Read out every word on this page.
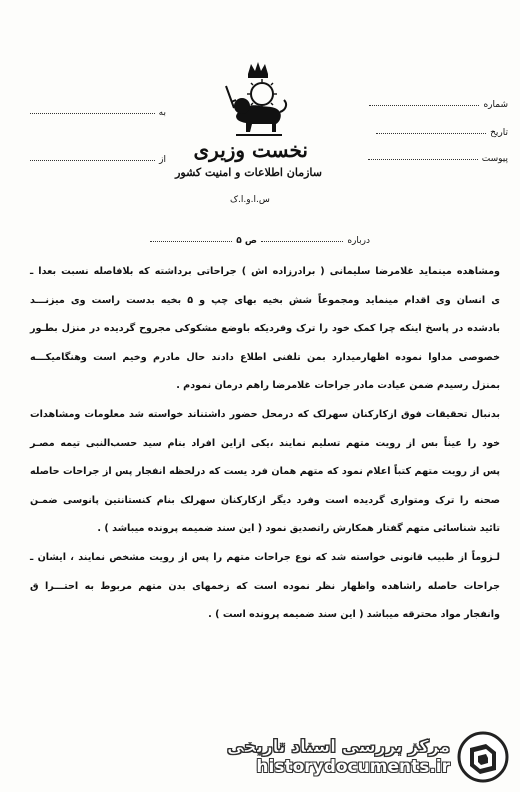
شماره
تاریخ
پیوست
به
از نخست وزیری
سازمان اطلاعات و امنیت کشور
س.ا.و.ا.ک
درباره
ص ۵
ومشاهده مینماید غلامرضا سلیمانی ( برادرزاده اش ) جراحاتی برداشته که بلافاصله نسبت بعدا ـ
ی انسان وی اقدام مینماید ومجموعاً شش بخیه بهای چپ و ۵ بخیه بدست راست وی میزنـــد
بادشده در پاسخ اینکه چرا کمک خود را ترک وفردیکه باوضع مشکوکی مجروح گردیده در منزل بطـور
خصوصی مداوا نموده اظهارمیدارد بمن تلفنی اطلاع دادند حال مادرم وخیم است وهنگامیکـــه
بمنزل رسیدم ضمن عیادت مادر جراحات غلامرضا راهم درمان نمودم .
بدنبال تحقیقات فوق ازکارکنان سهرلک که درمحل حضور داشتناند خواسته شد معلومات ومشاهدات
خود را عیناً بس از رویت متهم تسلیم نمایند ،یکی ازاین افراد بنام سید حسب‌النبی تیمه مصـر
پس از رویت متهم کتباً اعلام نمود که متهم همان فرد یست که درلحظه انفجار پس از جراحات حاصله
صحنه را ترک ومتواری گردیده است وفرد دیگر ازکارکنان سهرلک بنام کنستانتین پانوسی ضمـن
تائید شناسائی متهم گفتار همکارش راتصدیق نمود ( این سند ضمیمه پرونده میباشد ) .
لـزوماً از طبیب قانونی خواسته شد که نوع جراحات متهم را پس از رویت مشخص نمایند ، ایشان ـ
جراحات حاصله راشاهده واظهار نظر نموده است که زخمهای بدن متهم مربوط به احتـــرا ق
وانفجار مواد محترقه میباشد ( این سند ضمیمه پرونده است ) .
مرکز بررسی اسناد تاریخی
historydocuments.ir
